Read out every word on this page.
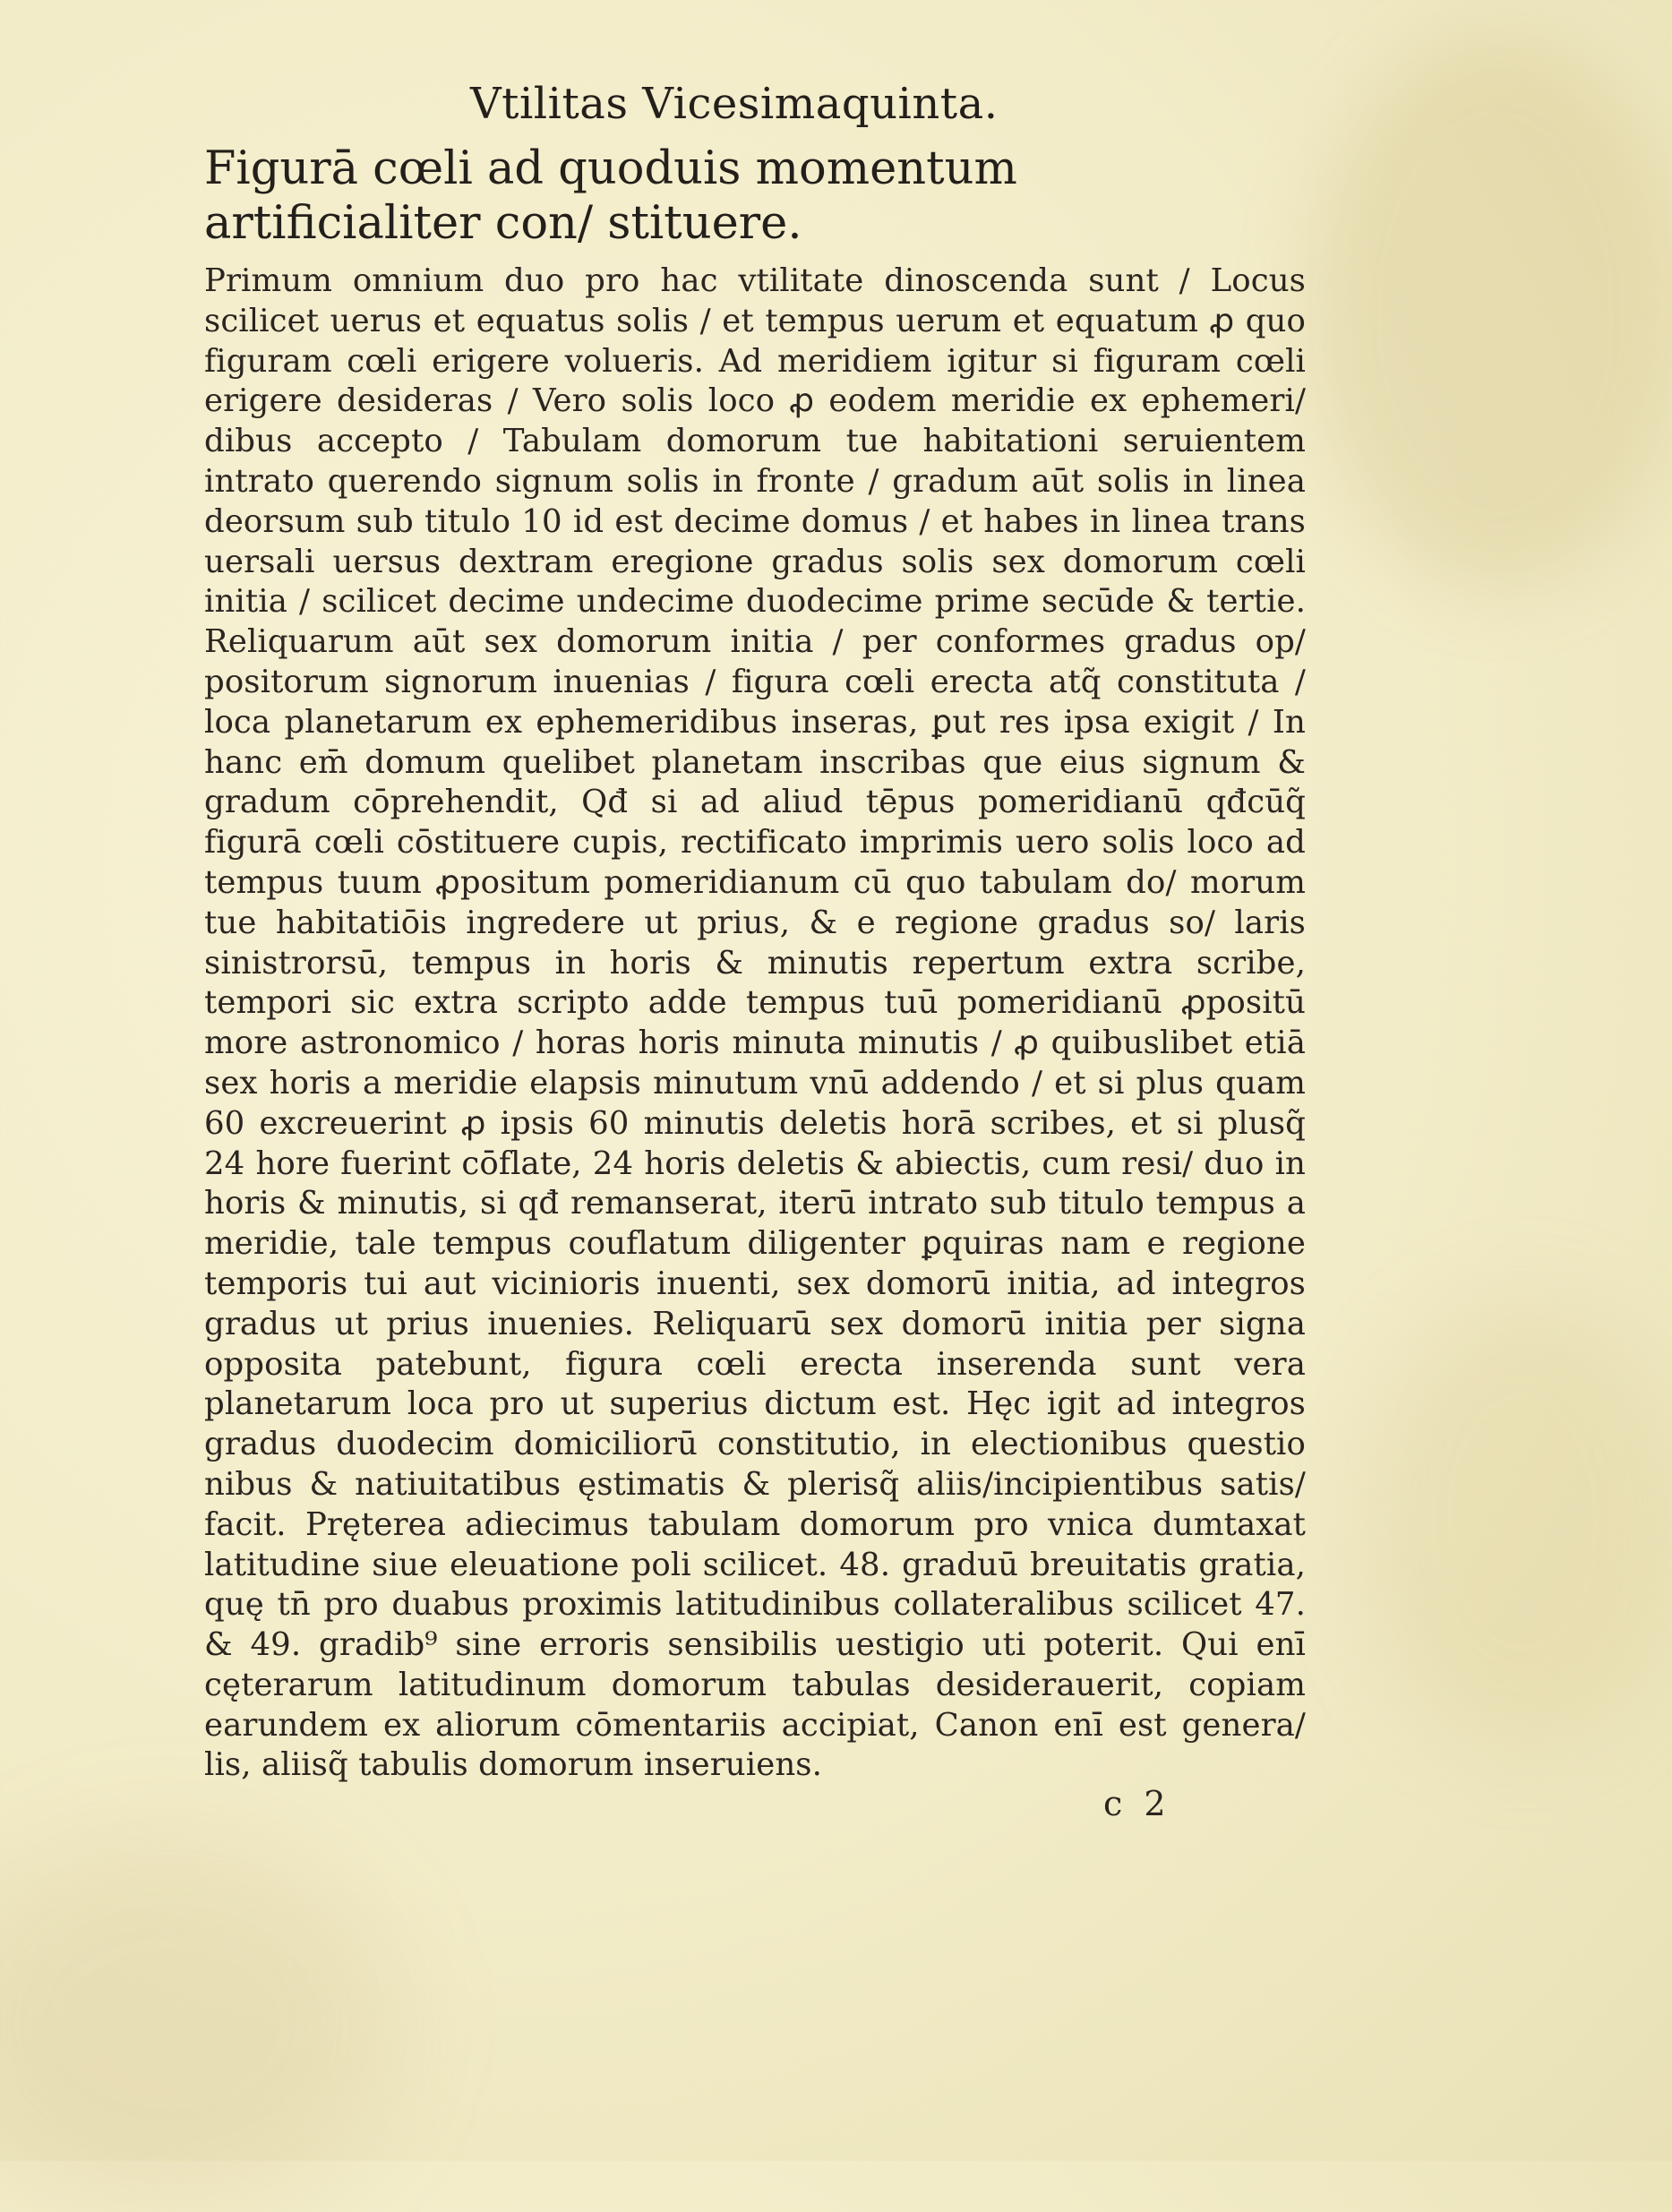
Vtilitas Vicesimaquinta.
Figurā cœli ad quoduis momentum artificialiter con/ stituere.
Primum omnium duo pro hac vtilitate dinoscenda sunt / Locus scilicet uerus et equatus solis / et tempus uerum et equatum ꝓ quo figuram cœli erigere volueris. Ad meridiem igitur si figuram cœli erigere desideras / Vero solis loco ꝓ eodem meridie ex ephemeri/ dibus accepto / Tabulam domorum tue habitationi seruientem intrato querendo signum solis in fronte / gradum aūt solis in linea deorsum sub titulo 10 id est decime domus / et habes in linea trans uersali uersus dextram eregione gradus solis sex domorum cœli initia / scilicet decime undecime duodecime prime secūde & tertie. Reliquarum aūt sex domorum initia / per conformes gradus op/ positorum signorum inuenias / figura cœli erecta atq̃ constituta / loca planetarum ex ephemeridibus inseras, ꝑut res ipsa exigit / In hanc em̄ domum quelibet planetam inscribas que eius signum & gradum cōprehendit, Qđ si ad aliud tēpus pomeridianū qđcūq̃ figurā cœli cōstituere cupis, rectificato imprimis uero solis loco ad tempus tuum ꝓpositum pomeridianum cū quo tabulam do/ morum tue habitatiōis ingredere ut prius, & e regione gradus so/ laris sinistrorsū, tempus in horis & minutis repertum extra scribe, tempori sic extra scripto adde tempus tuū pomeridianū ꝓpositū more astronomico / horas horis minuta minutis / ꝓ quibuslibet etiā sex horis a meridie elapsis minutum vnū addendo / et si plus quam 60 excreuerint ꝓ ipsis 60 minutis deletis horā scribes, et si plusq̃ 24 hore fuerint cōflate, 24 horis deletis & abiectis, cum resi/ duo in horis & minutis, si qđ remanserat, iterū intrato sub titulo tempus a meridie, tale tempus couflatum diligenter ꝑquiras nam e regione temporis tui aut vicinioris inuenti, sex domorū initia, ad integros gradus ut prius inuenies. Reliquarū sex domorū initia per signa opposita patebunt, figura cœli erecta inserenda sunt vera planetarum loca pro ut superius dictum est. Hęc igit ad integros gradus duodecim domiciliorū constitutio, in electionibus questio nibus & natiuitatibus ęstimatis & plerisq̃ aliis/incipientibus satis/ facit. Pręterea adiecimus tabulam domorum pro vnica dumtaxat latitudine siue eleuatione poli scilicet. 48. graduū breuitatis gratia, quę tn̄ pro duabus proximis latitudinibus collateralibus scilicet 47. & 49. gradib⁹ sine erroris sensibilis uestigio uti poterit. Qui enī cęterarum latitudinum domorum tabulas desiderauerit, copiam earundem ex aliorum cōmentariis accipiat, Canon enī est genera/ lis, aliisq̃ tabulis domorum inseruiens.
c 2
